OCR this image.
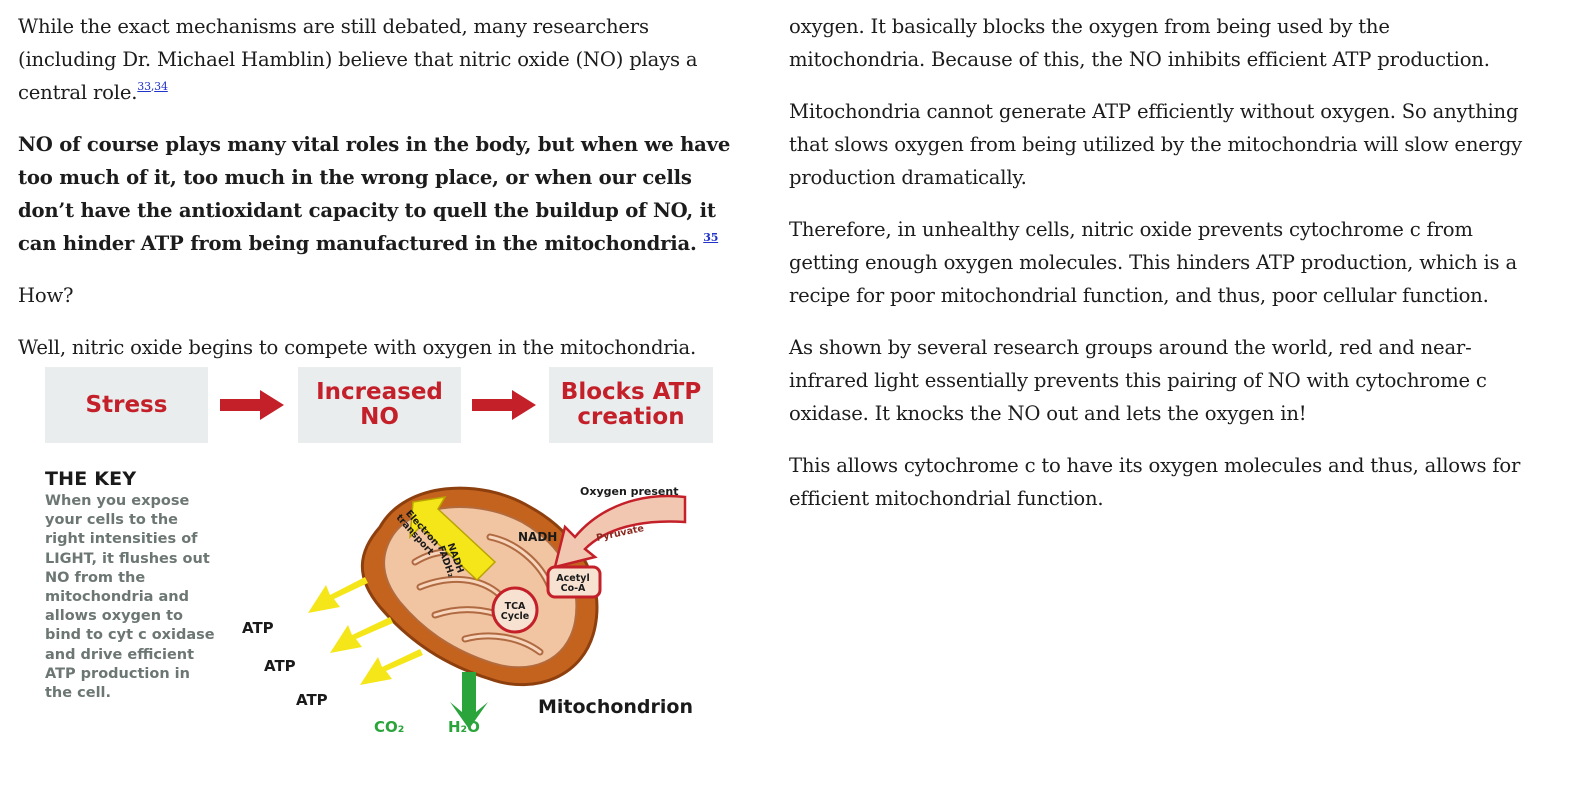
While the exact mechanisms are still debated, many researchers (including Dr. Michael Hamblin) believe that nitric oxide (NO) plays a central role.$^{33,34}$

NO of course plays many vital roles in the body, but when we have too much of it, too much in the wrong place, or when our cells don’t have the antioxidant capacity to quell the buildup of NO, it can hinder ATP from being manufactured in the mitochondria. $^{35}$

How?

Well, nitric oxide begins to compete with oxygen in the mitochondria.

Stress	Increased NO
Blocks ATP creation
THE KEY
When you expose your cells to the right intensities of LIGHT, it flushes out NO from the mitochondria and allows oxygen to bind to cyt c oxidase and drive efficient ATP production in the cell.
Oxygen present
NADH	Pyruvate
Acetyl Co-A
TCA Cycle
Electron transport
NADH FADH₂
ATP
ATP
ATP
CO₂	H₂O
Mitochondrion

oxygen. It basically blocks the oxygen from being used by the mitochondria. Because of this, the NO inhibits efficient ATP production.

Mitochondria cannot generate ATP efficiently without oxygen. So anything that slows oxygen from being utilized by the mitochondria will slow energy production dramatically.

Therefore, in unhealthy cells, nitric oxide prevents cytochrome c from getting enough oxygen molecules. This hinders ATP production, which is a recipe for poor mitochondrial function, and thus, poor cellular function.

As shown by several research groups around the world, red and near-infrared light essentially prevents this pairing of NO with cytochrome c oxidase. It knocks the NO out and lets the oxygen in!

This allows cytochrome c to have its oxygen molecules and thus, allows for efficient mitochondrial function.
